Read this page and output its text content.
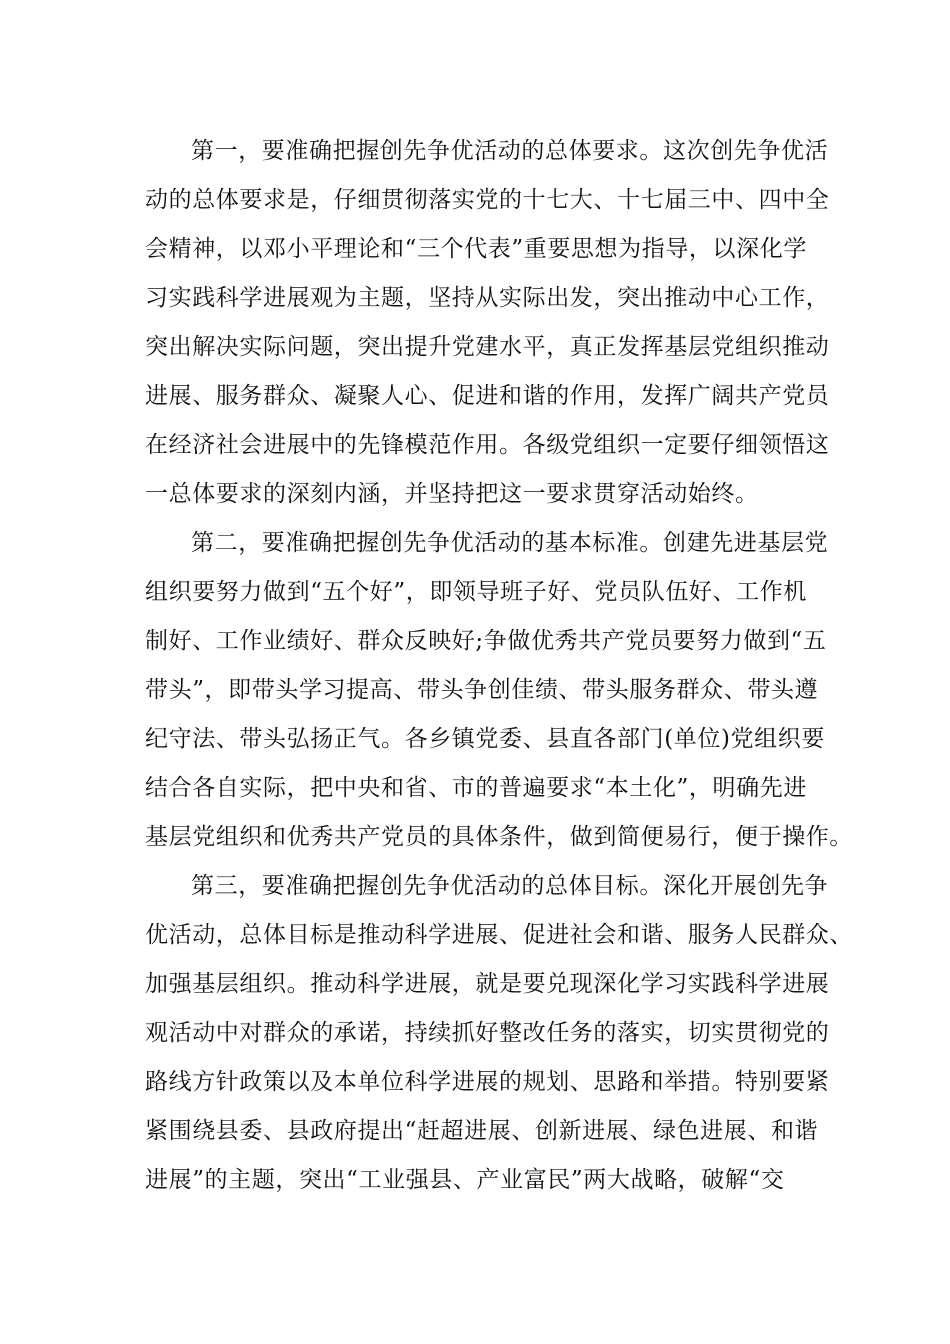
第一，要准确把握创先争优活动的总体要求。这次创先争优活
动的总体要求是，仔细贯彻落实党的十七大、十七届三中、四中全
会精神，以邓小平理论和“三个代表”重要思想为指导，以深化学
习实践科学进展观为主题，坚持从实际出发，突出推动中心工作，
突出解决实际问题，突出提升党建水平，真正发挥基层党组织推动
进展、服务群众、凝聚人心、促进和谐的作用，发挥广阔共产党员
在经济社会进展中的先锋模范作用。各级党组织一定要仔细领悟这
一总体要求的深刻内涵，并坚持把这一要求贯穿活动始终。
第二，要准确把握创先争优活动的基本标准。创建先进基层党
组织要努力做到“五个好”，即领导班子好、党员队伍好、工作机
制好、工作业绩好、群众反映好;争做优秀共产党员要努力做到“五
带头”，即带头学习提高、带头争创佳绩、带头服务群众、带头遵
纪守法、带头弘扬正气。各乡镇党委、县直各部门(单位)党组织要
结合各自实际，把中央和省、市的普遍要求“本土化”，明确先进
基层党组织和优秀共产党员的具体条件，做到简便易行，便于操作。
第三，要准确把握创先争优活动的总体目标。深化开展创先争
优活动，总体目标是推动科学进展、促进社会和谐、服务人民群众、
加强基层组织。推动科学进展，就是要兑现深化学习实践科学进展
观活动中对群众的承诺，持续抓好整改任务的落实，切实贯彻党的
路线方针政策以及本单位科学进展的规划、思路和举措。特别要紧
紧围绕县委、县政府提出“赶超进展、创新进展、绿色进展、和谐
进展”的主题，突出“工业强县、产业富民”两大战略，破解“交
